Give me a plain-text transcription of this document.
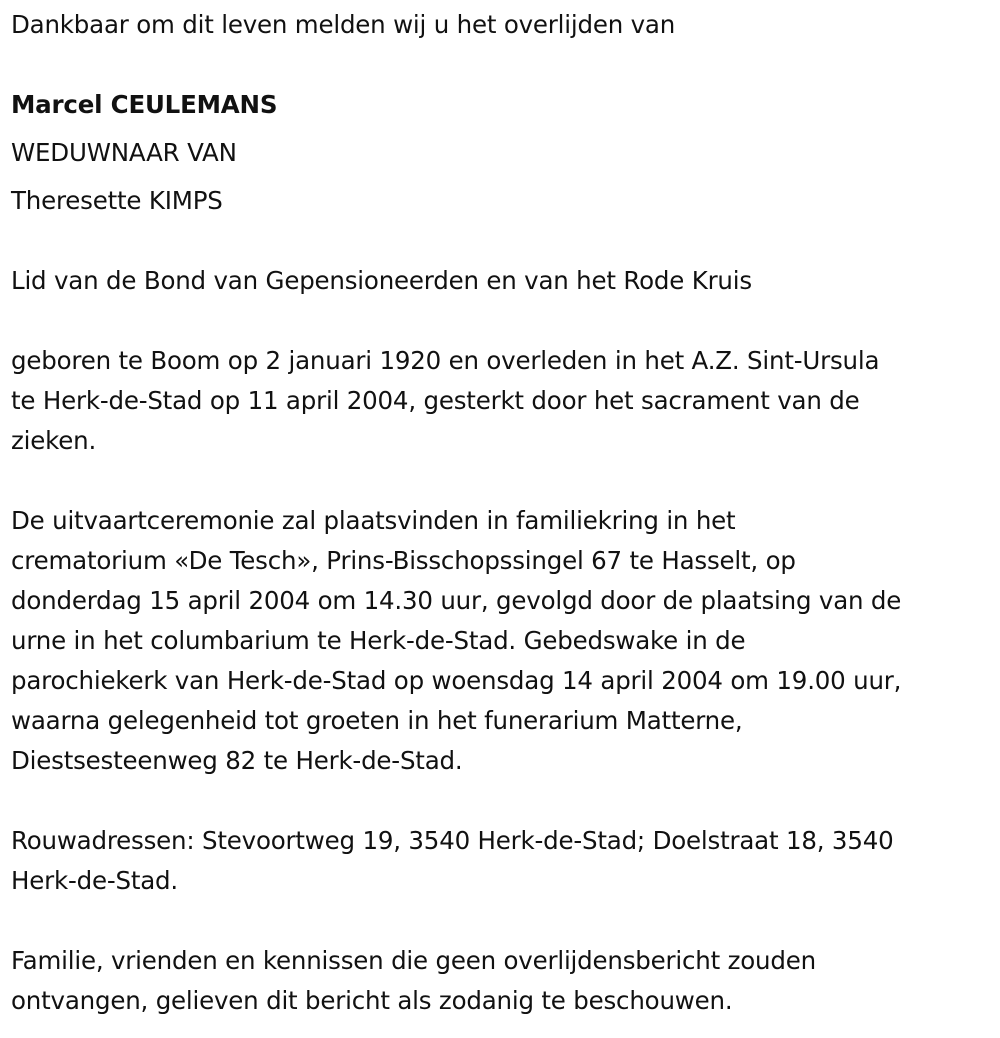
Dankbaar om dit leven melden wij u het overlijden van
Marcel CEULEMANS
WEDUWNAAR VAN
Theresette KIMPS
Lid van de Bond van Gepensioneerden en van het Rode Kruis
geboren te Boom op 2 januari 1920 en overleden in het A.Z. Sint-Ursula
te Herk-de-Stad op 11 april 2004, gesterkt door het sacrament van de
zieken.
De uitvaartceremonie zal plaatsvinden in familiekring in het
crematorium «De Tesch», Prins-Bisschopssingel 67 te Hasselt, op
donderdag 15 april 2004 om 14.30 uur, gevolgd door de plaatsing van de
urne in het columbarium te Herk-de-Stad. Gebedswake in de
parochiekerk van Herk-de-Stad op woensdag 14 april 2004 om 19.00 uur,
waarna gelegenheid tot groeten in het funerarium Matterne,
Diestsesteenweg 82 te Herk-de-Stad.
Rouwadressen: Stevoortweg 19, 3540 Herk-de-Stad; Doelstraat 18, 3540
Herk-de-Stad.
Familie, vrienden en kennissen die geen overlijdensbericht zouden
ontvangen, gelieven dit bericht als zodanig te beschouwen.
